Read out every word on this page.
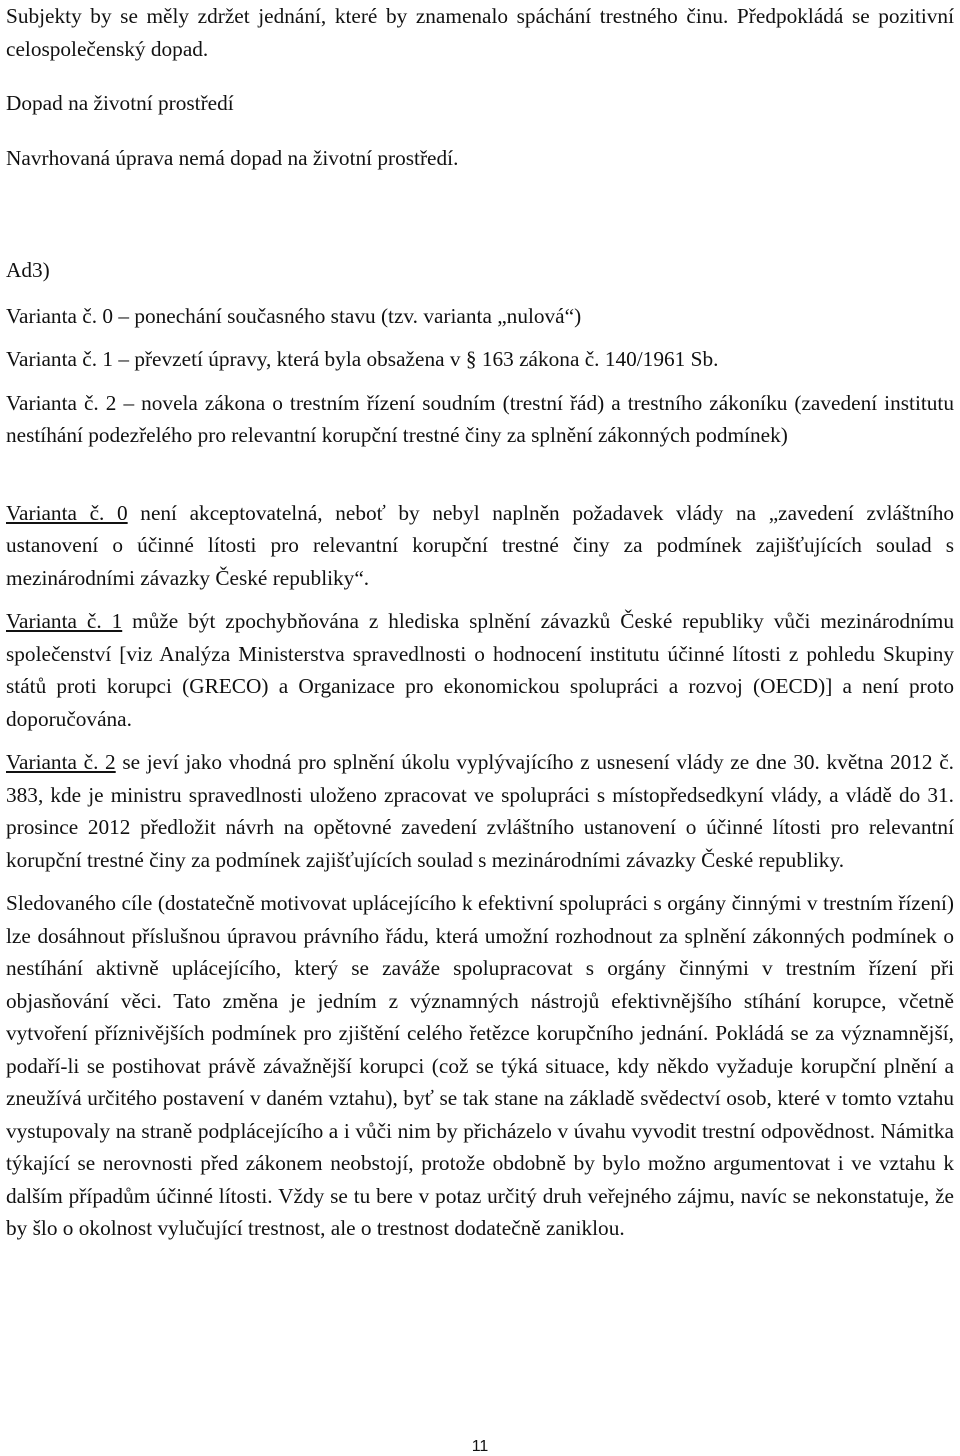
Subjekty by se měly zdržet jednání, které by znamenalo spáchání trestného činu. Předpokládá se pozitivní celospolečenský dopad.

Dopad na životní prostředí

Navrhovaná úprava nemá dopad na životní prostředí.

Ad3)

Varianta č. 0 – ponechání současného stavu (tzv. varianta „nulová“)

Varianta č. 1 – převzetí úpravy, která byla obsažena v § 163 zákona č. 140/1961 Sb.

Varianta č. 2 – novela zákona o trestním řízení soudním (trestní řád) a trestního zákoníku (zavedení institutu nestíhání podezřelého pro relevantní korupční trestné činy za splnění zákonných podmínek)

Varianta č. 0 není akceptovatelná, neboť by nebyl naplněn požadavek vlády na „zavedení zvláštního ustanovení o účinné lítosti pro relevantní korupční trestné činy za podmínek zajišťujících soulad s mezinárodními závazky České republiky“.

Varianta č. 1 může být zpochybňována z hlediska splnění závazků České republiky vůči mezinárodnímu společenství [viz Analýza Ministerstva spravedlnosti o hodnocení institutu účinné lítosti z pohledu Skupiny států proti korupci (GRECO) a Organizace pro ekonomickou spolupráci a rozvoj (OECD)] a není proto doporučována.

Varianta č. 2 se jeví jako vhodná pro splnění úkolu vyplývajícího z usnesení vlády ze dne 30. května 2012 č. 383, kde je ministru spravedlnosti uloženo zpracovat ve spolupráci s místopředsedkyní vlády, a vládě do 31. prosince 2012 předložit návrh na opětovné zavedení zvláštního ustanovení o účinné lítosti pro relevantní korupční trestné činy za podmínek zajišťujících soulad s mezinárodními závazky České republiky.

Sledovaného cíle (dostatečně motivovat uplácejícího k efektivní spolupráci s orgány činnými v trestním řízení) lze dosáhnout příslušnou úpravou právního řádu, která umožní rozhodnout za splnění zákonných podmínek o nestíhání aktivně uplácejícího, který se zaváže spolupracovat s orgány činnými v trestním řízení při objasňování věci. Tato změna je jedním z významných nástrojů efektivnějšího stíhání korupce, včetně vytvoření příznivějších podmínek pro zjištění celého řetězce korupčního jednání. Pokládá se za významnější, podaří-li se postihovat právě závažnější korupci (což se týká situace, kdy někdo vyžaduje korupční plnění a zneužívá určitého postavení v daném vztahu), byť se tak stane na základě svědectví osob, které v tomto vztahu vystupovaly na straně podplácejícího a i vůči nim by přicházelo v úvahu vyvodit trestní odpovědnost. Námitka týkající se nerovnosti před zákonem neobstojí, protože obdobně by bylo možno argumentovat i ve vztahu k dalším případům účinné lítosti. Vždy se tu bere v potaz určitý druh veřejného zájmu, navíc se nekonstatuje, že by šlo o okolnost vylučující trestnost, ale o trestnost dodatečně zaniklou.

11
